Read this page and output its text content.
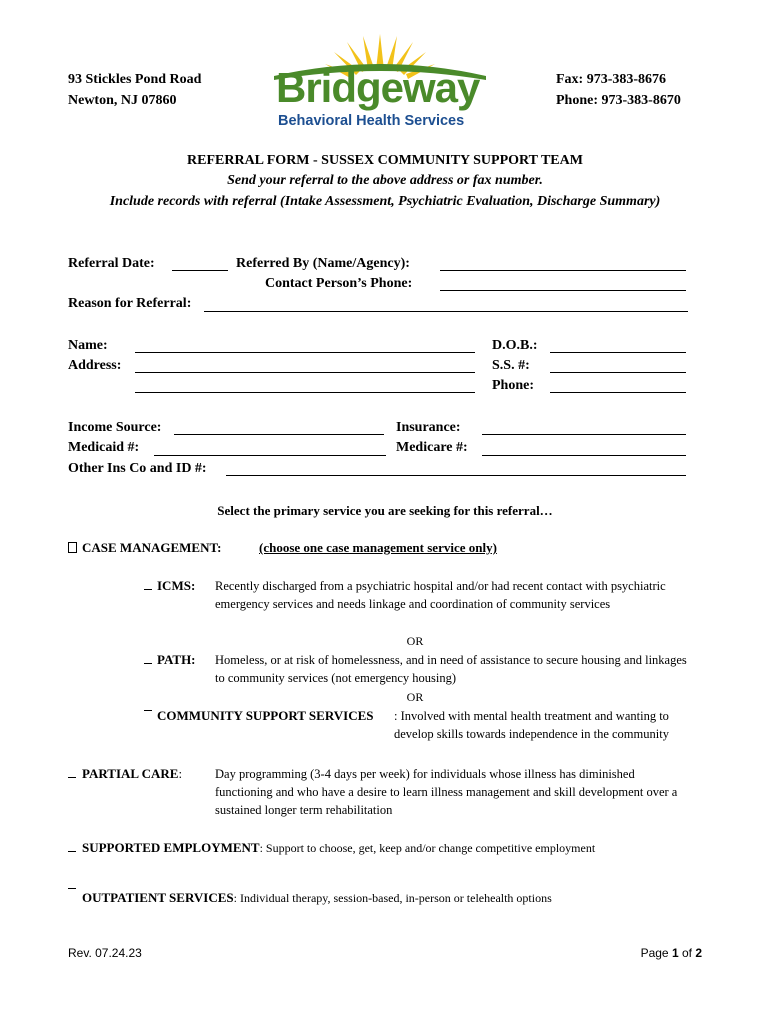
93 Stickles Pond Road
Newton, NJ 07860
Fax: 973-383-8676
Phone: 973-383-8670
Bridgeway
Behavioral Health Services
REFERRAL FORM - SUSSEX COMMUNITY SUPPORT TEAM
Send your referral to the above address or fax number.
Include records with referral (Intake Assessment, Psychiatric Evaluation, Discharge Summary)
Referral Date:	Referred By (Name/Agency):
Contact Person’s Phone:
Reason for Referral:
Name:
Address:
D.O.B.:
S.S. #:
Phone:
Income Source:	Insurance:
Medicaid #:	Medicare #:
Other Ins Co and ID #:
Select the primary service you are seeking for this referral…
CASE MANAGEMENT:	(choose one case management service only)
ICMS: Recently discharged from a psychiatric hospital and/or had recent contact with psychiatric emergency services and needs linkage and coordination of community services
OR
PATH: Homeless, or at risk of homelessness, and in need of assistance to secure housing and linkages to community services (not emergency housing)
OR
COMMUNITY SUPPORT SERVICES : Involved with mental health treatment and wanting to develop skills towards independence in the community
PARTIAL CARE:	Day programming (3-4 days per week) for individuals whose illness has diminished functioning and who have a desire to learn illness management and skill development over a sustained longer term rehabilitation
SUPPORTED EMPLOYMENT: Support to choose, get, keep and/or change competitive employment
OUTPATIENT SERVICES: Individual therapy, session-based, in-person or telehealth options
Rev. 07.24.23	Page 1 of 2
